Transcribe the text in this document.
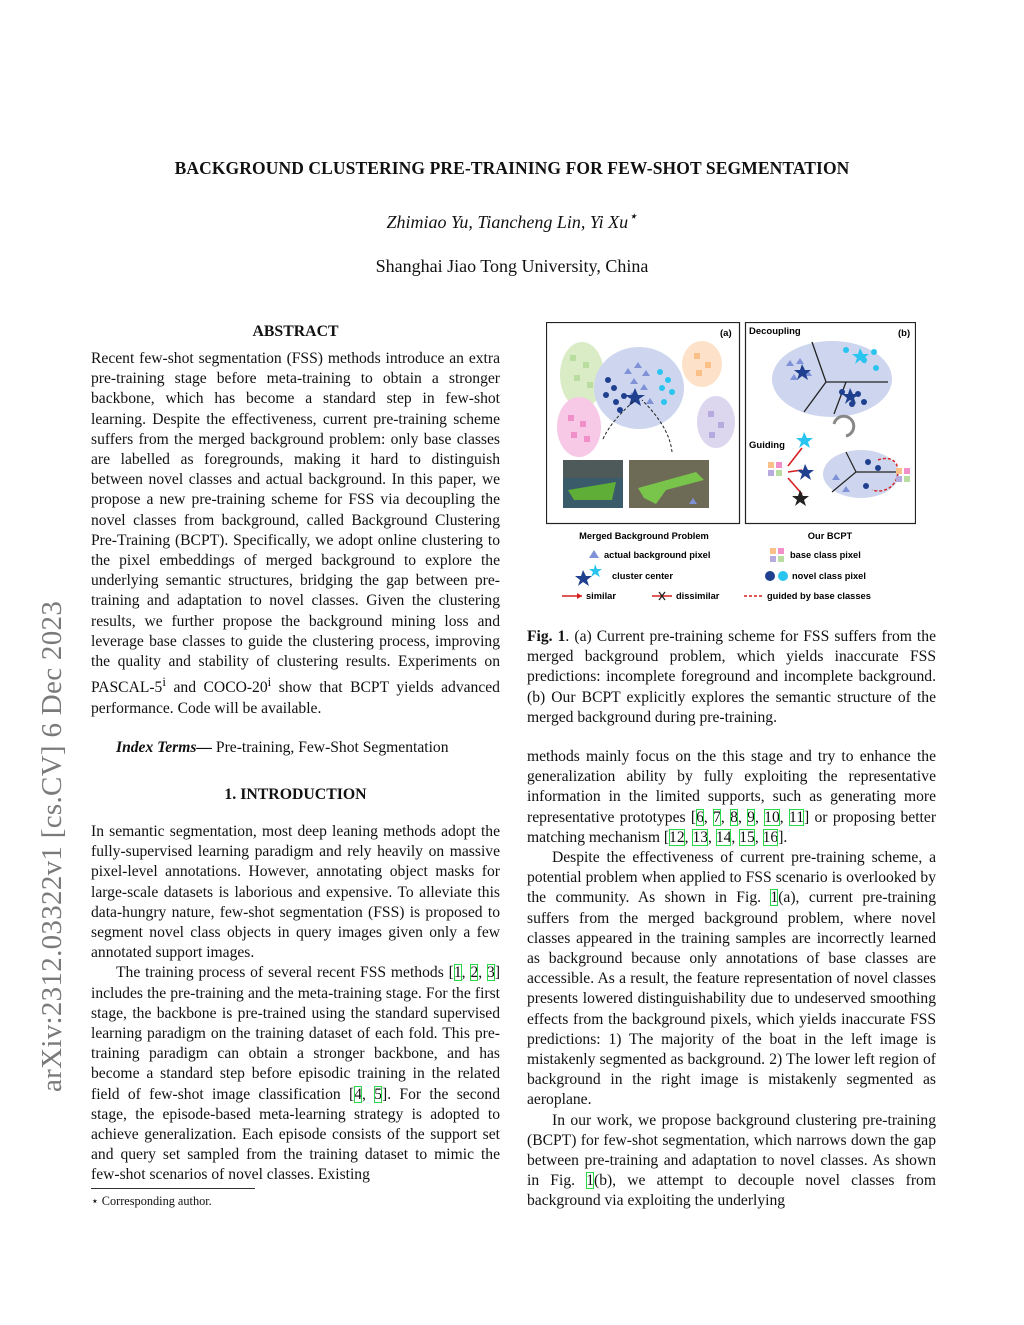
arXiv:2312.03322v1 [cs.CV] 6 Dec 2023
BACKGROUND CLUSTERING PRE-TRAINING FOR FEW-SHOT SEGMENTATION
Zhimiao Yu, Tiancheng Lin, Yi Xu⋆
Shanghai Jiao Tong University, China
ABSTRACT

Recent few-shot segmentation (FSS) methods introduce an extra pre-training stage before meta-training to obtain a stronger backbone, which has become a standard step in few-shot learning. Despite the effectiveness, current pre-training scheme suffers from the merged background problem: only base classes are labelled as foregrounds, making it hard to distinguish between novel classes and actual background. In this paper, we propose a new pre-training scheme for FSS via decoupling the novel classes from background, called Background Clustering Pre-Training (BCPT). Specifically, we adopt online clustering to the pixel embeddings of merged background to explore the underlying semantic structures, bridging the gap between pre-training and adaptation to novel classes. Given the clustering results, we further propose the background mining loss and leverage base classes to guide the clustering process, improving the quality and stability of clustering results. Experiments on PASCAL-5$^i$ and COCO-20$^i$ show that BCPT yields advanced performance. Code will be available.

Index Terms— Pre-training, Few-Shot Segmentation
1. INTRODUCTION

In semantic segmentation, most deep leaning methods adopt the fully-supervised learning paradigm and rely heavily on massive pixel-level annotations. However, annotating object masks for large-scale datasets is laborious and expensive. To alleviate this data-hungry nature, few-shot segmentation (FSS) is proposed to segment novel class objects in query images given only a few annotated support images.

The training process of several recent FSS methods [1, 2, 3] includes the pre-training and the meta-training stage. For the first stage, the backbone is pre-trained using the standard supervised learning paradigm on the training dataset of each fold. This pre-training paradigm can obtain a stronger backbone, and has become a standard step before episodic training in the related field of few-shot image classification [4, 5]. For the second stage, the episode-based meta-learning strategy is adopted to achieve generalization. Each episode consists of the support set and query set sampled from the training dataset to mimic the few-shot scenarios of novel classes. Existing

⋆ Corresponding author.
(a) Decoupling	(b)
Guiding
Merged Background Problem	Our BCPT
actual background pixel
cluster center
similar	dissimilar
base class pixel
novel class pixel
guided by base classes
Fig. 1. (a) Current pre-training scheme for FSS suffers from the merged background problem, which yields inaccurate FSS predictions: incomplete foreground and incomplete background. (b) Our BCPT explicitly explores the semantic structure of the merged background during pre-training.

methods mainly focus on the this stage and try to enhance the generalization ability by fully exploiting the representative information in the limited supports, such as generating more representative prototypes [6, 7, 8, 9, 10, 11] or proposing better matching mechanism [12, 13, 14, 15, 16].

Despite the effectiveness of current pre-training scheme, a potential problem when applied to FSS scenario is overlooked by the community. As shown in Fig. 1(a), current pre-training suffers from the merged background problem, where novel classes appeared in the training samples are incorrectly learned as background because only annotations of base classes are accessible. As a result, the feature representation of novel classes presents lowered distinguishability due to undeserved smoothing effects from the background pixels, which yields inaccurate FSS predictions: 1) The majority of the boat in the left image is mistakenly segmented as background. 2) The lower left region of background in the right image is mistakenly segmented as aeroplane.

In our work, we propose background clustering pre-training (BCPT) for few-shot segmentation, which narrows down the gap between pre-training and adaptation to novel classes. As shown in Fig. 1(b), we attempt to decouple novel classes from background via exploiting the underlying
